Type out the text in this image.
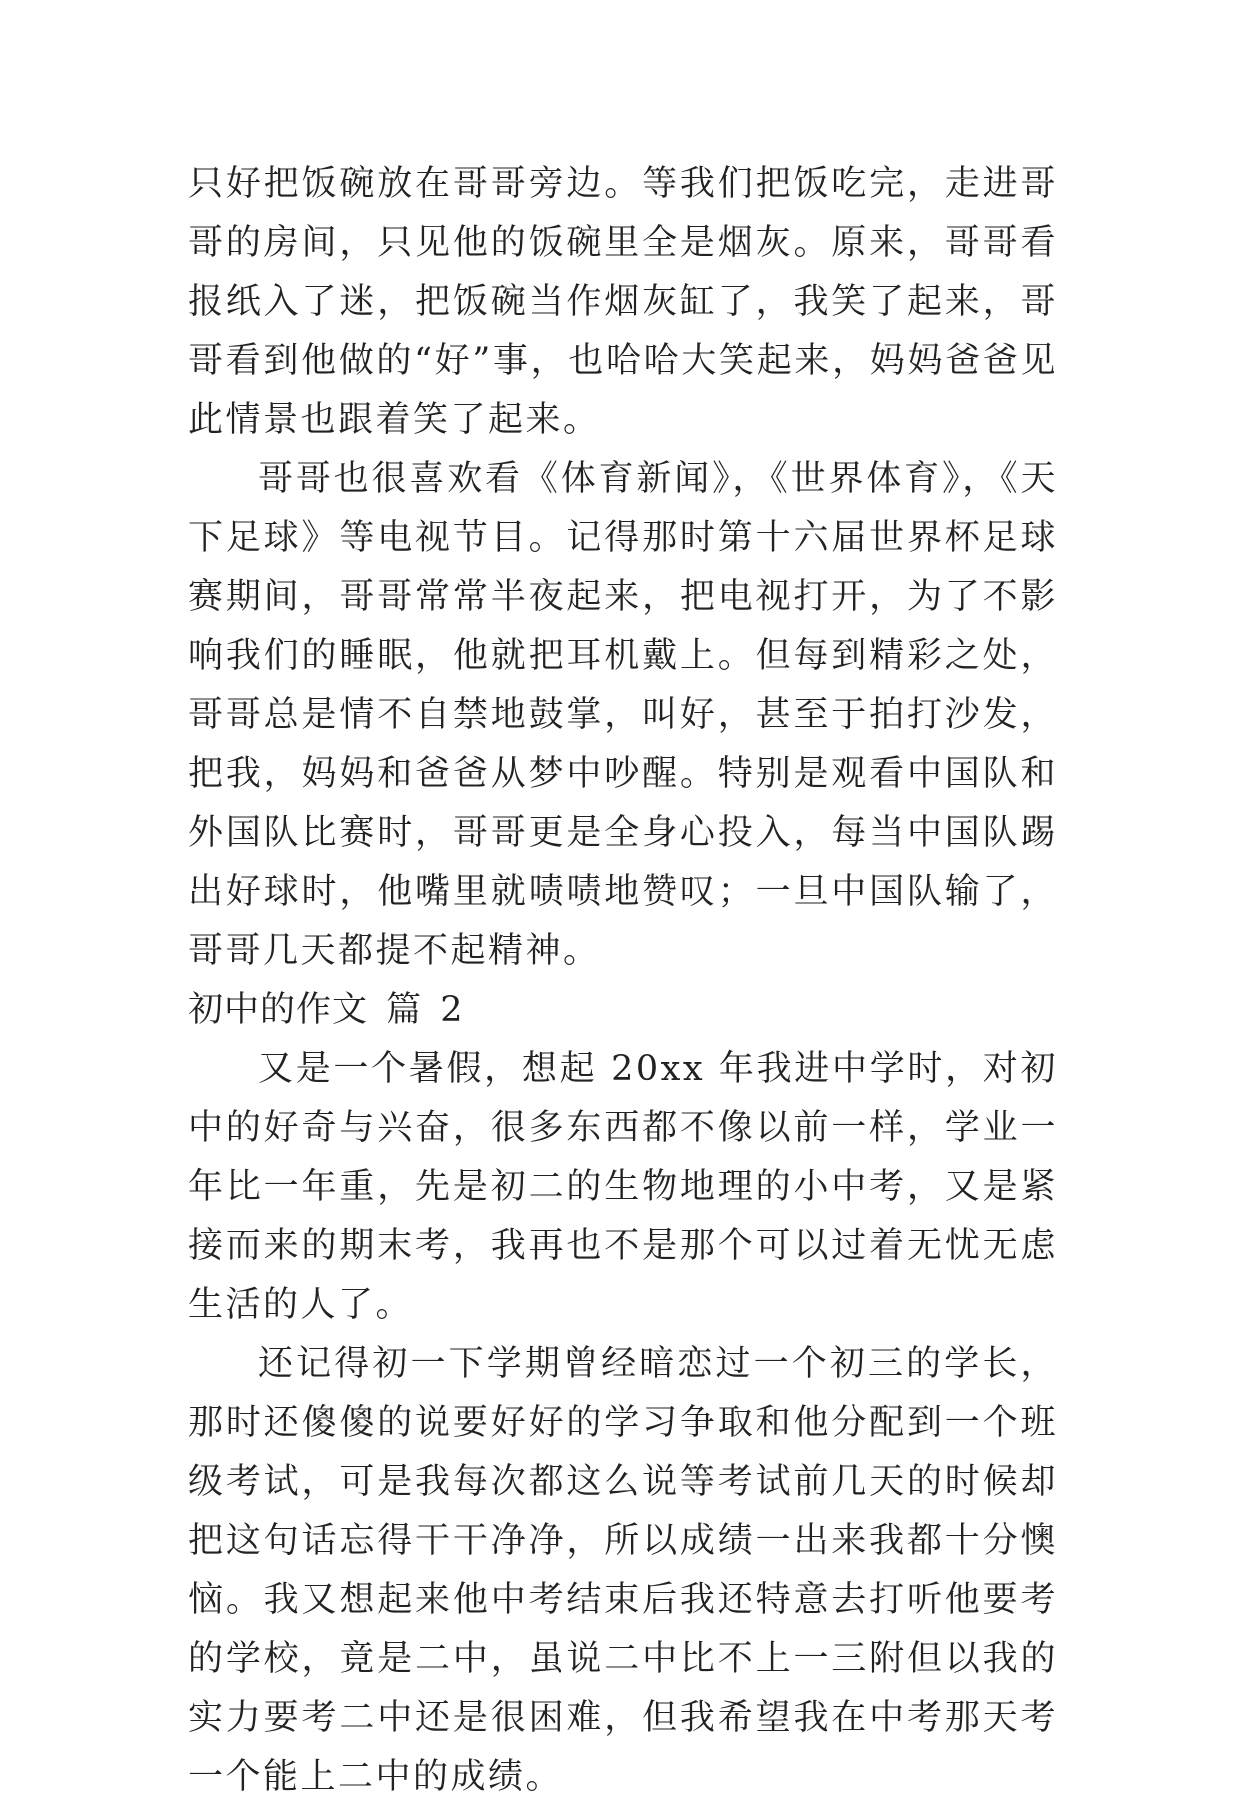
只好把饭碗放在哥哥旁边。等我们把饭吃完，走进哥哥的房间，只见他的饭碗里全是烟灰。原来，哥哥看报纸入了迷，把饭碗当作烟灰缸了，我笑了起来，哥哥看到他做的“好”事，也哈哈大笑起来，妈妈爸爸见此情景也跟着笑了起来。

哥哥也很喜欢看《体育新闻》，《世界体育》，《天下足球》等电视节目。记得那时第十六届世界杯足球赛期间，哥哥常常半夜起来，把电视打开，为了不影响我们的睡眠，他就把耳机戴上。但每到精彩之处，哥哥总是情不自禁地鼓掌，叫好，甚至于拍打沙发，把我，妈妈和爸爸从梦中吵醒。特别是观看中国队和外国队比赛时，哥哥更是全身心投入，每当中国队踢出好球时，他嘴里就啧啧地赞叹；一旦中国队输了，哥哥几天都提不起精神。

初中的作文 篇 2

又是一个暑假，想起 20xx 年我进中学时，对初中的好奇与兴奋，很多东西都不像以前一样，学业一年比一年重，先是初二的生物地理的小中考，又是紧接而来的期末考，我再也不是那个可以过着无忧无虑生活的人了。

还记得初一下学期曾经暗恋过一个初三的学长，那时还傻傻的说要好好的学习争取和他分配到一个班级考试，可是我每次都这么说等考试前几天的时候却把这句话忘得干干净净，所以成绩一出来我都十分懊恼。我又想起来他中考结束后我还特意去打听他要考的学校，竟是二中，虽说二中比不上一三附但以我的实力要考二中还是很困难，但我希望我在中考那天考一个能上二中的成绩。
